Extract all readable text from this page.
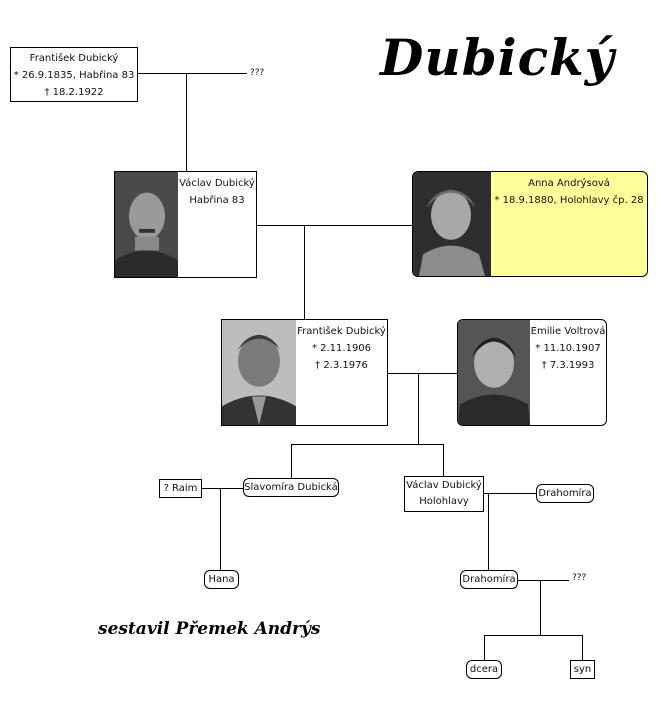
Dubický
František Dubický
* 26.9.1835, Habřina 83
† 18.2.1922
???
Václav Dubický
Habřina 83
Anna Andrýsová
* 18.9.1880, Holohlavy čp. 28
František Dubický
* 2.11.1906
† 2.3.1976
Emilie Voltrová
* 11.10.1907
† 7.3.1993
? Raim	Slavomíra Dubická
Hana
Václav Dubický
Holohlavy
Drahomíra
Drahomíra	???
dcera	syn
sestavil Přemek Andrýs
